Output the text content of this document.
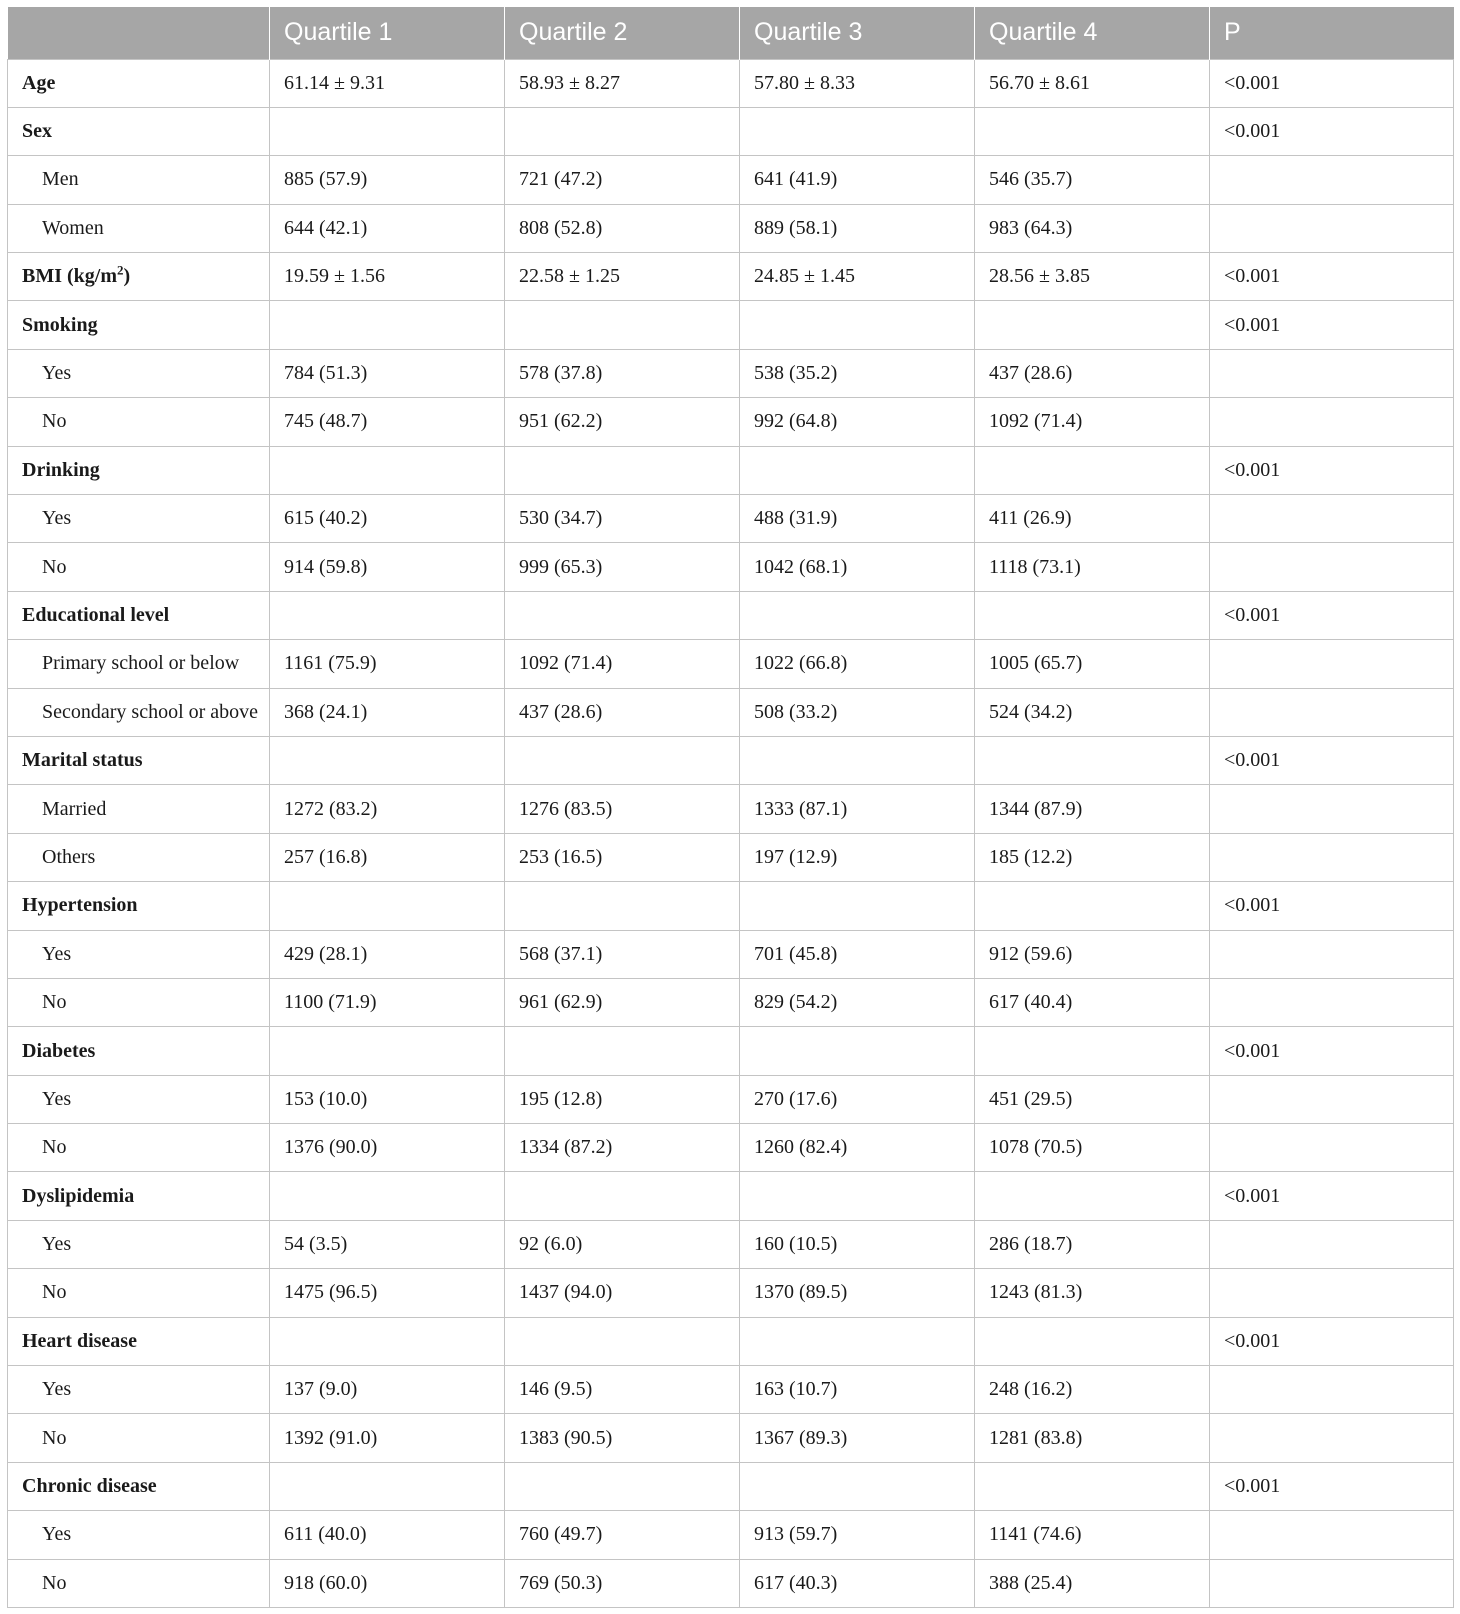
	Quartile 1	Quartile 2	Quartile 3	Quartile 4	P
Age	61.14 ± 9.31	58.93 ± 8.27	57.80 ± 8.33	56.70 ± 8.61	<0.001
Sex					<0.001
Men	885 (57.9)	721 (47.2)	641 (41.9)	546 (35.7)	
Women	644 (42.1)	808 (52.8)	889 (58.1)	983 (64.3)	
BMI $(kg/m^2)$	19.59 ± 1.56	22.58 ± 1.25	24.85 ± 1.45	28.56 ± 3.85	<0.001
Smoking					<0.001
Yes	784 (51.3)	578 (37.8)	538 (35.2)	437 (28.6)	
No	745 (48.7)	951 (62.2)	992 (64.8)	1092 (71.4)	
Drinking					<0.001
Yes	615 (40.2)	530 (34.7)	488 (31.9)	411 (26.9)	
No	914 (59.8)	999 (65.3)	1042 (68.1)	1118 (73.1)	
Educational level					<0.001
Primary school or below	1161 (75.9)	1092 (71.4)	1022 (66.8)	1005 (65.7)	
Secondary school or above	368 (24.1)	437 (28.6)	508 (33.2)	524 (34.2)	
Marital status					<0.001
Married	1272 (83.2)	1276 (83.5)	1333 (87.1)	1344 (87.9)	
Others	257 (16.8)	253 (16.5)	197 (12.9)	185 (12.2)	
Hypertension					<0.001
Yes	429 (28.1)	568 (37.1)	701 (45.8)	912 (59.6)	
No	1100 (71.9)	961 (62.9)	829 (54.2)	617 (40.4)	
Diabetes					<0.001
Yes	153 (10.0)	195 (12.8)	270 (17.6)	451 (29.5)	
No	1376 (90.0)	1334 (87.2)	1260 (82.4)	1078 (70.5)	
Dyslipidemia					<0.001
Yes	54 (3.5)	92 (6.0)	160 (10.5)	286 (18.7)	
No	1475 (96.5)	1437 (94.0)	1370 (89.5)	1243 (81.3)	
Heart disease					<0.001
Yes	137 (9.0)	146 (9.5)	163 (10.7)	248 (16.2)	
No	1392 (91.0)	1383 (90.5)	1367 (89.3)	1281 (83.8)	
Chronic disease					<0.001
Yes	611 (40.0)	760 (49.7)	913 (59.7)	1141 (74.6)	
No	918 (60.0)	769 (50.3)	617 (40.3)	388 (25.4)	
